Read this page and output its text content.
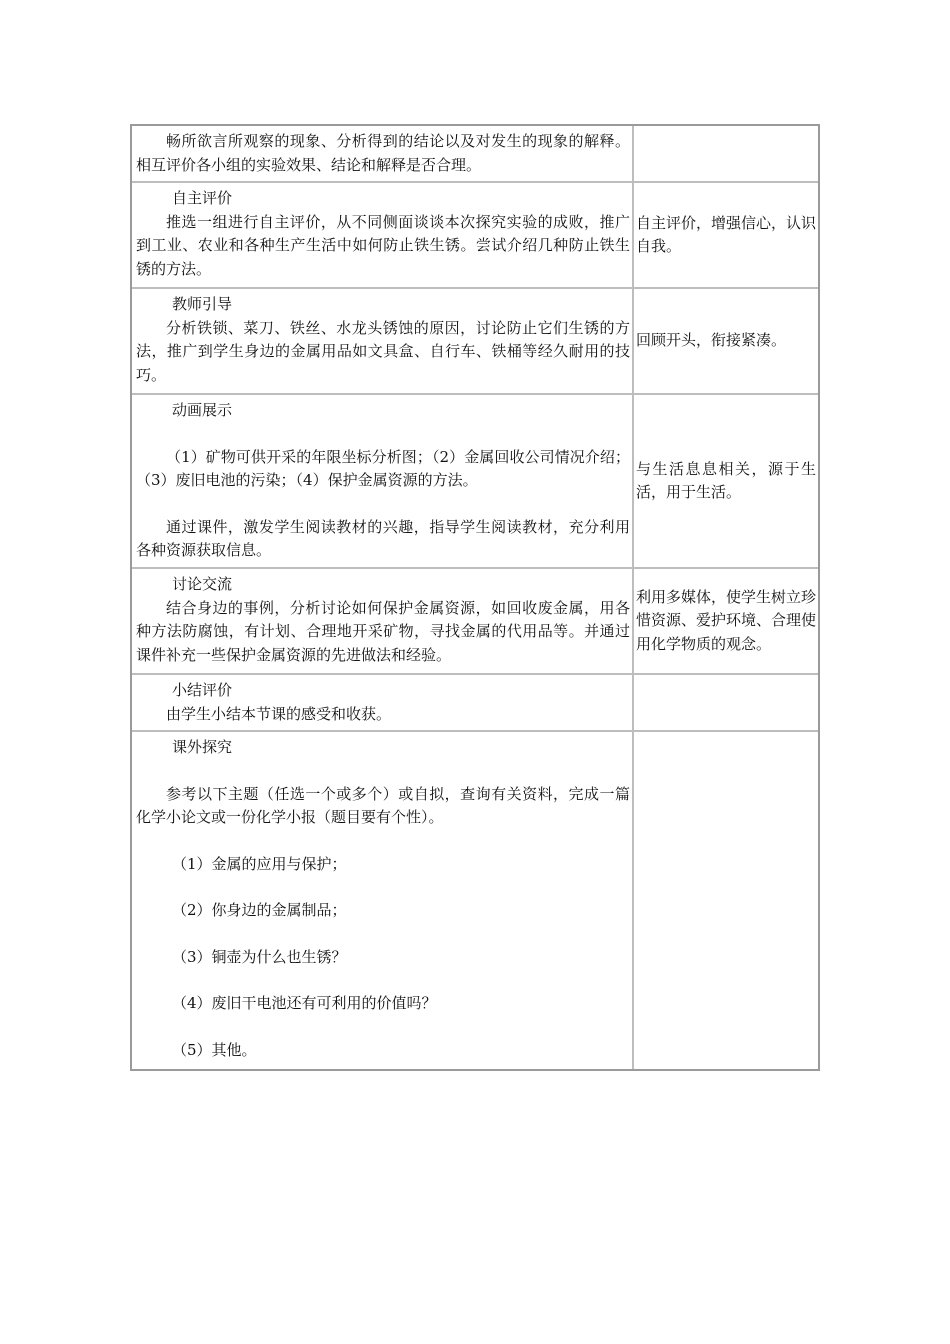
畅所欲言所观察的现象、分析得到的结论以及对发生的现象的解释。相互评价各小组的实验效果、结论和解释是否合理。

自主评价

推选一组进行自主评价，从不同侧面谈谈本次探究实验的成败，推广到工业、农业和各种生产生活中如何防止铁生锈。尝试介绍几种防止铁生锈的方法。

自主评价，增强信心，认识自我。

教师引导

分析铁锁、菜刀、铁丝、水龙头锈蚀的原因，讨论防止它们生锈的方法，推广到学生身边的金属用品如文具盒、自行车、铁桶等经久耐用的技巧。

回顾开头，衔接紧凑。

动画展示

（1）矿物可供开采的年限坐标分析图；（2）金属回收公司情况介绍；（3）废旧电池的污染；（4）保护金属资源的方法。

通过课件，激发学生阅读教材的兴趣，指导学生阅读教材，充分利用各种资源获取信息。

与生活息息相关，源于生活，用于生活。

讨论交流

结合身边的事例，分析讨论如何保护金属资源，如回收废金属，用各种方法防腐蚀，有计划、合理地开采矿物，寻找金属的代用品等。并通过课件补充一些保护金属资源的先进做法和经验。

利用多媒体，使学生树立珍惜资源、爱护环境、合理使用化学物质的观念。

小结评价

由学生小结本节课的感受和收获。

课外探究

参考以下主题（任选一个或多个）或自拟，查询有关资料，完成一篇化学小论文或一份化学小报（题目要有个性）。

（1）金属的应用与保护；

（2）你身边的金属制品；

（3）铜壶为什么也生锈？

（4）废旧干电池还有可利用的价值吗？

（5）其他。
